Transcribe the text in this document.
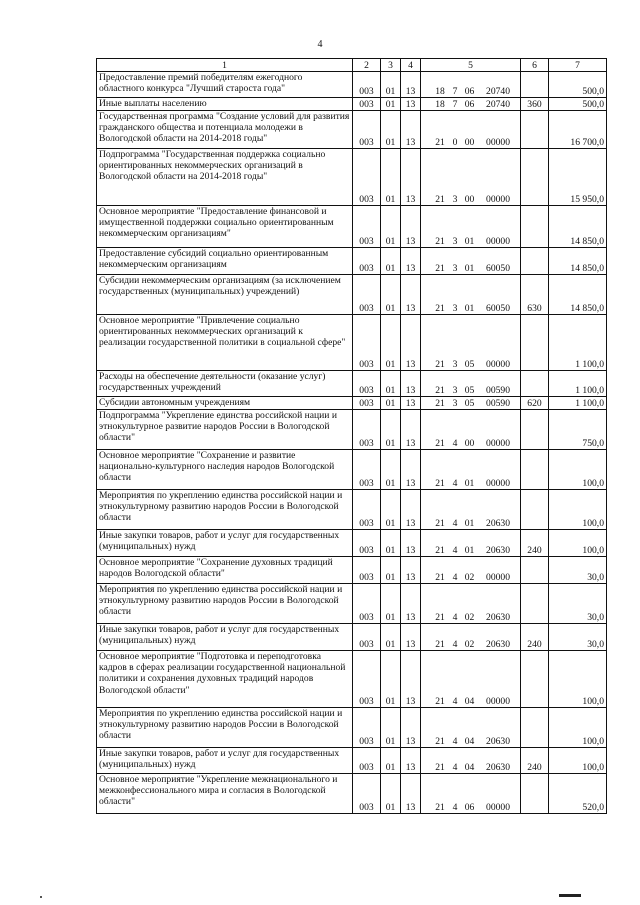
4
1	2	3	4	5	6	7

Предоставление премий победителям ежегодного областного конкурса "Лучший староста года"	003	01	13	18 7 06 20740		500,0

Иные выплаты населению	003	01	13	18 7 06 20740	360	500,0

Государственная программа "Создание условий для развития гражданского общества и потенциала молодежи в Вологодской области на 2014-2018 годы"	003	01	13	21 0 00 00000		16 700,0

Подпрограмма "Государственная поддержка социально ориентированных некоммерческих организаций в Вологодской области на 2014-2018 годы"	003	01	13	21 3 00 00000		15 950,0

Основное мероприятие "Предоставление финансовой и имущественной поддержки социально ориентированным некоммерческим организациям"	003	01	13	21 3 01 00000		14 850,0

Предоставление субсидий социально ориентированным некоммерческим организациям	003	01	13	21 3 01 60050		14 850,0

Субсидии некоммерческим организациям (за исключением государственных (муниципальных) учреждений)	003	01	13	21 3 01 60050	630	14 850,0

Основное мероприятие "Привлечение социально ориентированных некоммерческих организаций к реализации государственной политики в социальной сфере"	003	01	13	21 3 05 00000		1 100,0

Расходы на обеспечение деятельности (оказание услуг) государственных учреждений	003	01	13	21 3 05 00590		1 100,0

Субсидии автономным учреждениям	003	01	13	21 3 05 00590	620	1 100,0

Подпрограмма "Укрепление единства российской нации и этнокультурное развитие народов России в Вологодской области"	003	01	13	21 4 00 00000		750,0

Основное мероприятие "Сохранение и развитие национально-культурного наследия народов Вологодской области	003	01	13	21 4 01 00000		100,0

Мероприятия по укреплению единства российской нации и этнокультурному развитию народов России в Вологодской области	003	01	13	21 4 01 20630		100,0

Иные закупки товаров, работ и услуг для государственных (муниципальных) нужд	003	01	13	21 4 01 20630	240	100,0

Основное мероприятие "Сохранение духовных традиций народов Вологодской области"	003	01	13	21 4 02 00000		30,0

Мероприятия по укреплению единства российской нации и этнокультурному развитию народов России в Вологодской области	003	01	13	21 4 02 20630		30,0

Иные закупки товаров, работ и услуг для государственных (муниципальных) нужд	003	01	13	21 4 02 20630	240	30,0

Основное мероприятие "Подготовка и переподготовка кадров в сферах реализации государственной национальной политики и сохранения духовных традиций народов Вологодской области"	003	01	13	21 4 04 00000		100,0

Мероприятия по укреплению единства российской нации и этнокультурному развитию народов России в Вологодской области	003	01	13	21 4 04 20630		100,0

Иные закупки товаров, работ и услуг для государственных (муниципальных) нужд	003	01	13	21 4 04 20630	240	100,0

Основное мероприятие "Укрепление межнационального и межконфессионального мира и согласия в Вологодской области"	003	01	13	21 4 06 00000		520,0
